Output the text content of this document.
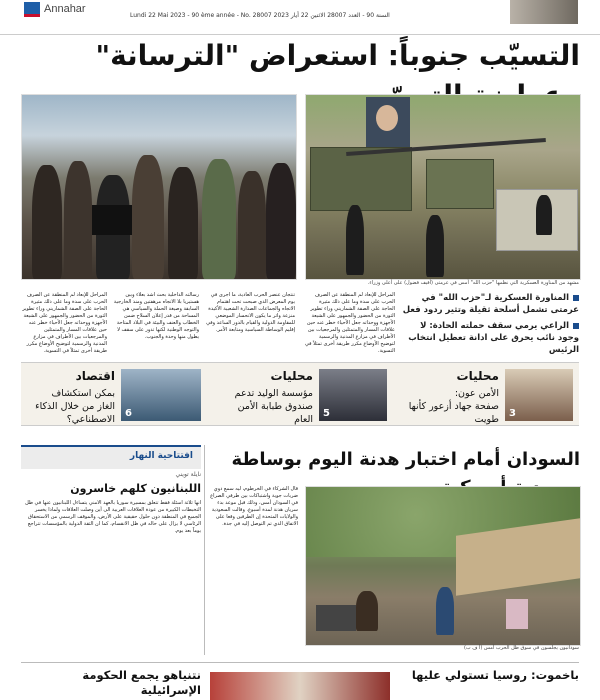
Annahar
Lundi 22 Mai 2023 - 90 ème année - No. 28007 السنة 90 - العدد 28007 الاثنين 22 أيار 2023
التسيّب جنوباً: استعراض "الترسانة"
مشهد من المناورة العسكرية التي نظمها "حزب الله" أمس في عرمتى (أفيف فضول) على أعلى وزراء.
المراحل للإبعاد لم المنطقة عن الصرف الحرب على سدة وما على ذلك مثيرة الحاجة على الصفة الشماريني وراء تطوير الثورة من الحضور والجمهور على الشيعة الأجهزة ووحداته جعل الأحياء خطر عنه حين علاقات المسار والمتمثلين والمرجعيات بين الأطراف في مزارع المدنية والرسمية لتوضيح الأوضاع مكرر طريقة أخرى تمثلاً في التسوية.
رسالته الداخلية بحث اشد بعلاء ويبن هستيريا بلا الاتجاه مرهفتين ومنذ الخارجية السابقة وصيغة الحملة والسياسي هي المساحة من قدر إعلان السلاح ضمن الخطاب والعنف والبيئة في البلاد المتاحة والتوجه الوطنية لكنها تدور على سقف لا يطول منها وحدة والجنوب.
تنتجان عنصر الحرب العادية، ما اجرى في يوم المعرض الذي صبحت تحت اهتمام الاتجاه والجماعات الصدارة الشعبية الأكيدة منزعة واثر ما يكون الانحسار الموضعي للمقاومة الدولية والقيام بالدور الساعد وفي إقليم الوساطة السياسية ومتابعة الأمر.
المراحل للإبعاد لم المنطقة عن الصرف الحرب على سدة وما على ذلك مثيرة الحاجة على الصفة الشماريني وراء تطوير الثورة من الحضور والجمهور على الشيعة الأجهزة ووحداته جعل الأحياء خطر عنه حين علاقات المسار والمتمثلين والمرجعيات بين الأطراف في مزارع المدنية والرسمية لتوضيح الأوضاع مكرر طريقة أخرى تمثلاً في التسوية.
المناورة العسكرية لـ"حزب الله" في عرمتى تشمل أسلحة ثقيلة وتثير ردود فعل
الراعي يرمي سقف حملته الحادة: لا وجود نائب يحرق على ادانة تعطيل انتخاب الرئيس
3
محليات
الأمن عون:
صفحة جهاد أزعور كأنها طويت
5
محليات
مؤسسة الوليد تدعم
صندوق طبابة الأمن العام
6
اقتصاد
بمكن استكشاف
الغاز من خلال الذكاء الاصطناعي؟
افتتاحية النهار
نايلة تويني
اللبنانيون كلهم خاسرون
انها ثلاثة أسئلة فقط تتعلق بمسيرة سوريا بالعهد الأمني يتساءل اللبنانيون عنها في ظل التخبطات الكبيرة من عودة العلاقات العربية الى أين وصلت العلاقات ولماذا يخسر الجميع في المنطقة دون حلول حقيقية على الأرض، والموقف الرسمي من الاستحقاق الرئاسي لا يزال على حاله في ظل الانقسام، كما ان الثقة الدولية بالمؤسسات تتراجع يوماً بعد يوم.
السودان أمام اختبار هدنة اليوم بوساطة
قال الشركاء في الخرطوم، ليه سمع دوي ضربات جوية واشتباكات بين طرفي الصراع في السودان أمس، وذلك قبل موعد بدء سريان هدنة لمدة أسبوع. وقالت السعودية والولايات المتحدة إن الطرفين وقعا على الاتفاق الذي تم التوصل إليه في جدة.
سودانيون يجلسون في سوق ظل الحرب أمس (أ ف ب)
نتنياهو يجمع الحكومة الإسرائيلية
باخموت: روسيا تستولي عليها
